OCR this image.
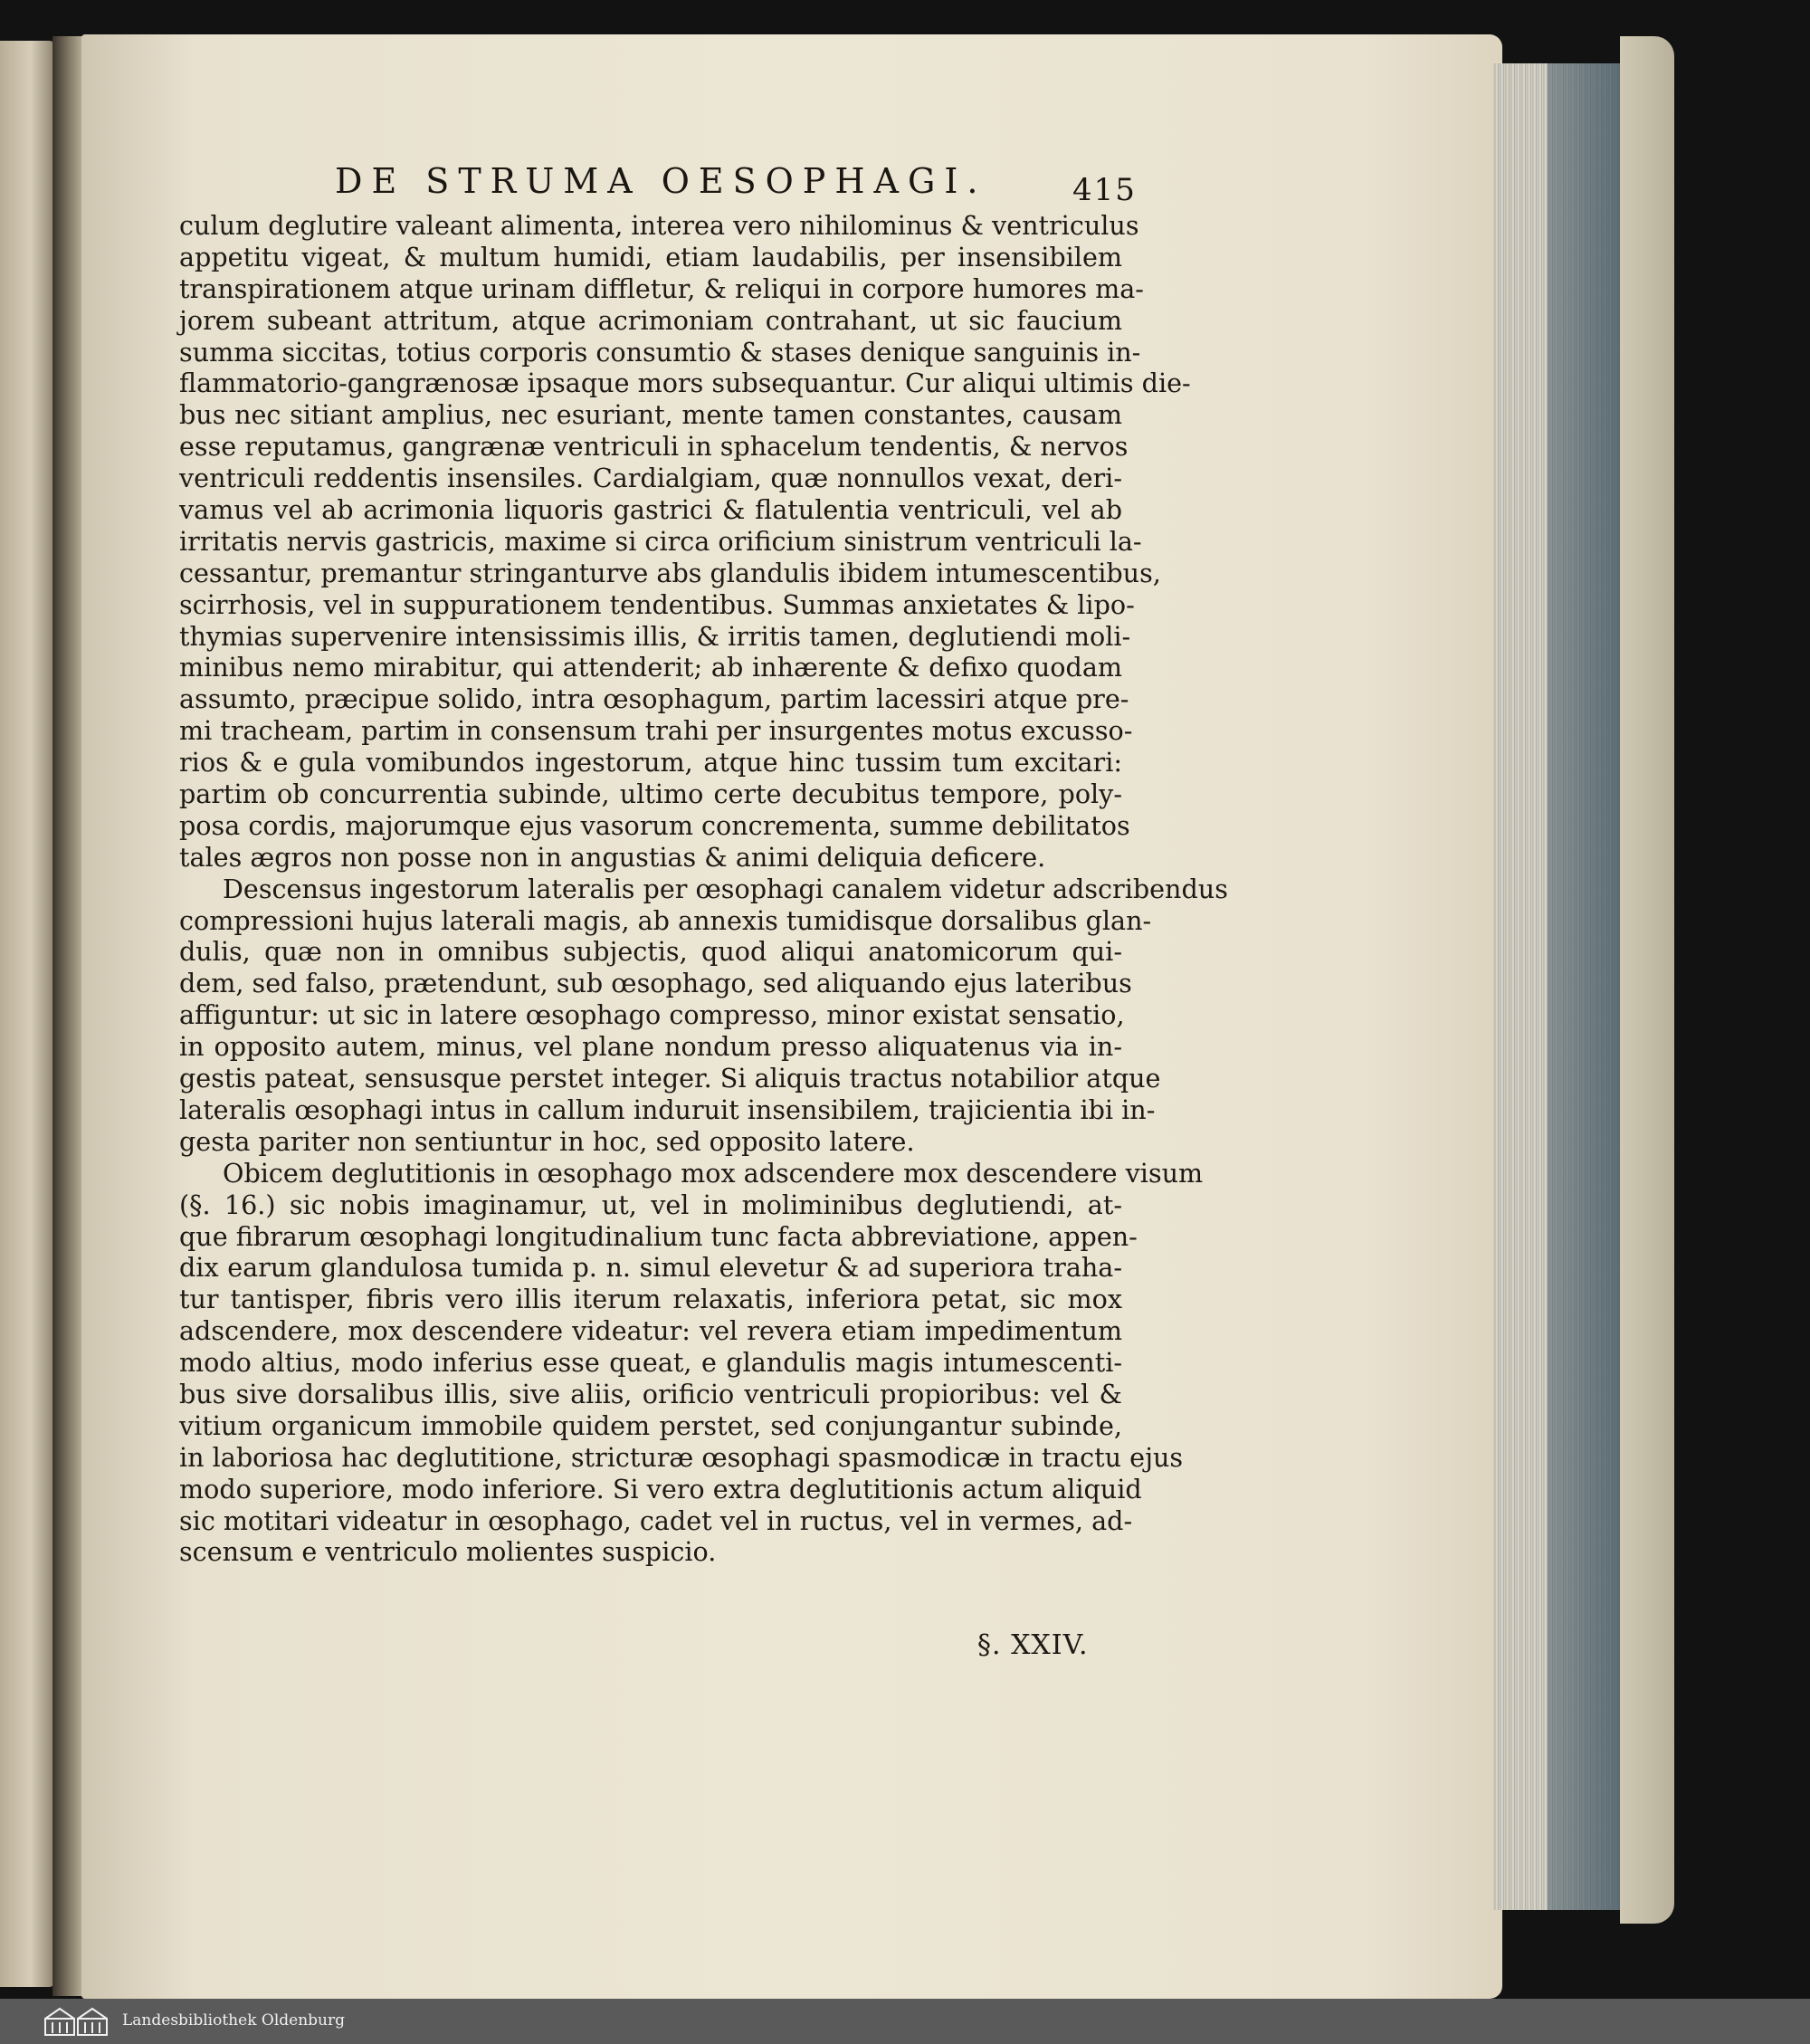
DE STRUMA OESOPHAGI.	415
culum deglutire valeant alimenta, interea vero nihilominus & ventriculus
appetitu vigeat, & multum humidi, etiam laudabilis, per insensibilem
transpirationem atque urinam diffletur, & reliqui in corpore humores ma-
jorem subeant attritum, atque acrimoniam contrahant, ut sic faucium
summa siccitas, totius corporis consumtio & stases denique sanguinis in-
flammatorio-gangrænosæ ipsaque mors subsequantur. Cur aliqui ultimis die-
bus nec sitiant amplius, nec esuriant, mente tamen constantes, causam
esse reputamus, gangrænæ ventriculi in sphacelum tendentis, & nervos
ventriculi reddentis insensiles. Cardialgiam, quæ nonnullos vexat, deri-
vamus vel ab acrimonia liquoris gastrici & flatulentia ventriculi, vel ab
irritatis nervis gastricis, maxime si circa orificium sinistrum ventriculi la-
cessantur, premantur stringanturve abs glandulis ibidem intumescentibus,
scirrhosis, vel in suppurationem tendentibus. Summas anxietates & lipo-
thymias supervenire intensissimis illis, & irritis tamen, deglutiendi moli-
minibus nemo mirabitur, qui attenderit; ab inhærente & defixo quodam
assumto, præcipue solido, intra œsophagum, partim lacessiri atque pre-
mi tracheam, partim in consensum trahi per insurgentes motus excusso-
rios & e gula vomibundos ingestorum, atque hinc tussim tum excitari:
partim ob concurrentia subinde, ultimo certe decubitus tempore, poly-
posa cordis, majorumque ejus vasorum concrementa, summe debilitatos
tales ægros non posse non in angustias & animi deliquia deficere.
Descensus ingestorum lateralis per œsophagi canalem videtur adscribendus
compressioni hujus laterali magis, ab annexis tumidisque dorsalibus glan-
dulis, quæ non in omnibus subjectis, quod aliqui anatomicorum qui-
dem, sed falso, prætendunt, sub œsophago, sed aliquando ejus lateribus
affiguntur: ut sic in latere œsophago compresso, minor existat sensatio,
in opposito autem, minus, vel plane nondum presso aliquatenus via in-
gestis pateat, sensusque perstet integer. Si aliquis tractus notabilior atque
lateralis œsophagi intus in callum induruit insensibilem, trajicientia ibi in-
gesta pariter non sentiuntur in hoc, sed opposito latere.
Obicem deglutitionis in œsophago mox adscendere mox descendere visum
(§. 16.) sic nobis imaginamur, ut, vel in moliminibus deglutiendi, at-
que fibrarum œsophagi longitudinalium tunc facta abbreviatione, appen-
dix earum glandulosa tumida p. n. simul elevetur & ad superiora traha-
tur tantisper, fibris vero illis iterum relaxatis, inferiora petat, sic mox
adscendere, mox descendere videatur: vel revera etiam impedimentum
modo altius, modo inferius esse queat, e glandulis magis intumescenti-
bus sive dorsalibus illis, sive aliis, orificio ventriculi propioribus: vel &
vitium organicum immobile quidem perstet, sed conjungantur subinde,
in laboriosa hac deglutitione, stricturæ œsophagi spasmodicæ in tractu ejus
modo superiore, modo inferiore. Si vero extra deglutitionis actum aliquid
sic motitari videatur in œsophago, cadet vel in ructus, vel in vermes, ad-
scensum e ventriculo molientes suspicio.
§. XXIV.
Landesbibliothek Oldenburg
